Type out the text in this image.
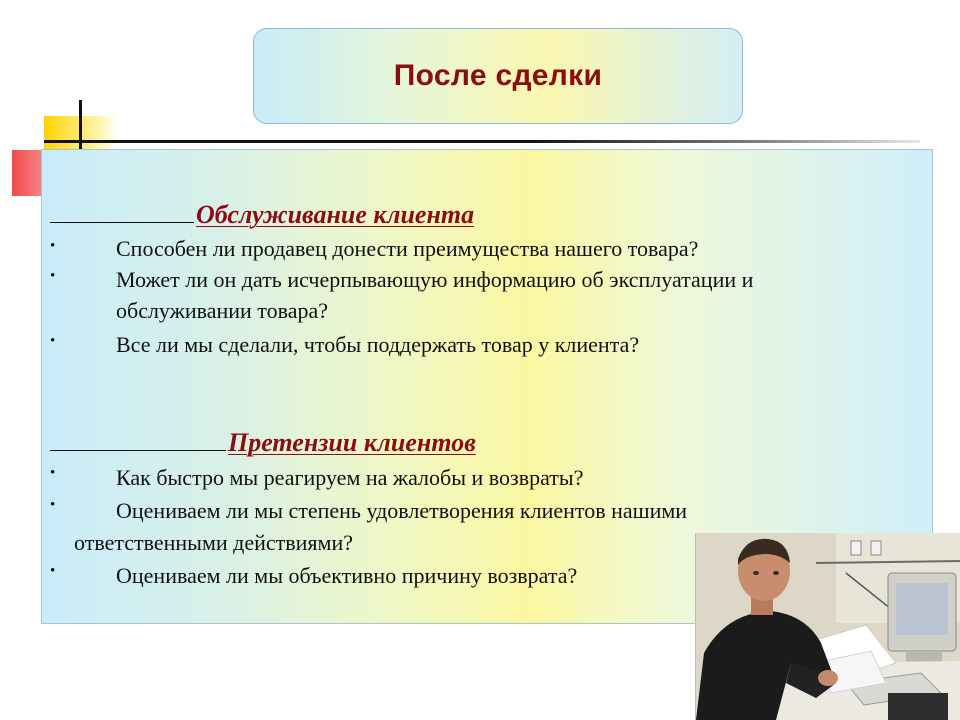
После сделки
Обслуживание клиента
•	Способен ли продавец донести преимущества нашего товара?
•	Может ли он дать исчерпывающую информацию об эксплуатации и
обслуживании товара?
•	Все ли мы сделали, чтобы поддержать товар у клиента?
Претензии клиентов
•	Как быстро мы реагируем на жалобы и возвраты?
•	Оцениваем ли мы степень удовлетворения клиентов нашими
ответственными действиями?
•	Оцениваем ли мы объективно причину возврата?
